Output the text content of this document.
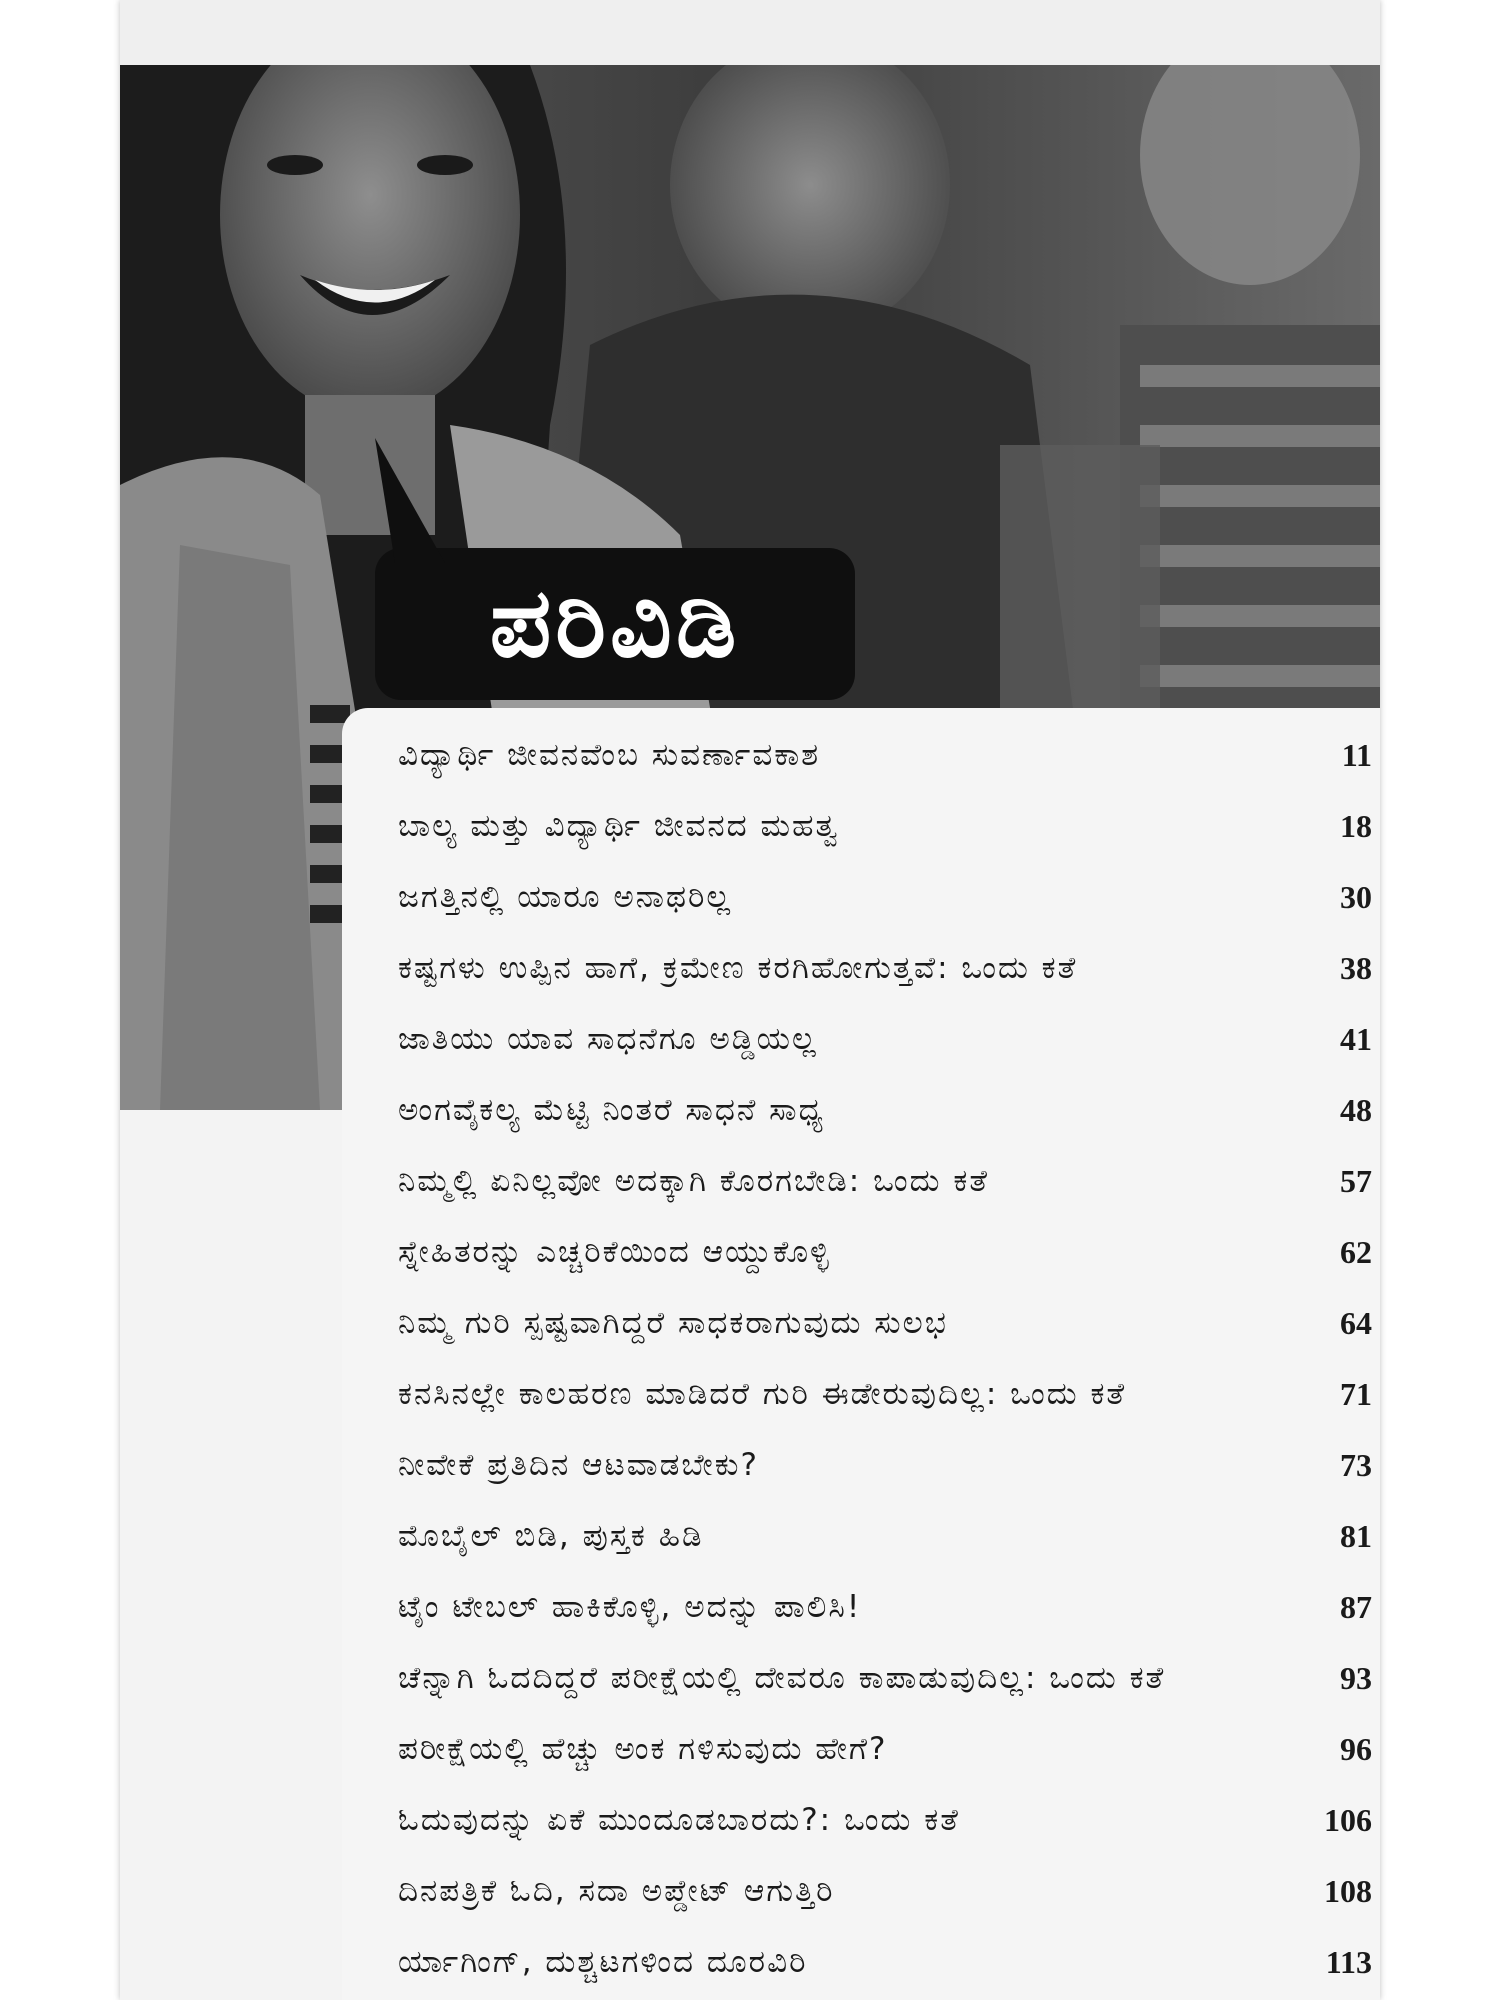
ಪರಿವಿಡಿ
ವಿದ್ಯಾರ್ಥಿ ಜೀವನವೆಂಬ ಸುವರ್ಣಾವಕಾಶ	11
ಬಾಲ್ಯ ಮತ್ತು ವಿದ್ಯಾರ್ಥಿ ಜೀವನದ ಮಹತ್ವ	18
ಜಗತ್ತಿನಲ್ಲಿ ಯಾರೂ ಅನಾಥರಿಲ್ಲ	30
ಕಷ್ಟಗಳು ಉಪ್ಪಿನ ಹಾಗೆ, ಕ್ರಮೇಣ ಕರಗಿಹೋಗುತ್ತವೆ: ಒಂದು ಕತೆ	38
ಜಾತಿಯು ಯಾವ ಸಾಧನೆಗೂ ಅಡ್ಡಿಯಲ್ಲ	41
ಅಂಗವೈಕಲ್ಯ ಮೆಟ್ಟಿ ನಿಂತರೆ ಸಾಧನೆ ಸಾಧ್ಯ	48
ನಿಮ್ಮಲ್ಲಿ ಏನಿಲ್ಲವೋ ಅದಕ್ಕಾಗಿ ಕೊರಗಬೇಡಿ: ಒಂದು ಕತೆ	57
ಸ್ನೇಹಿತರನ್ನು ಎಚ್ಚರಿಕೆಯಿಂದ ಆಯ್ದುಕೊಳ್ಳಿ	62
ನಿಮ್ಮ ಗುರಿ ಸ್ಪಷ್ಟವಾಗಿದ್ದರೆ ಸಾಧಕರಾಗುವುದು ಸುಲಭ	64
ಕನಸಿನಲ್ಲೇ ಕಾಲಹರಣ ಮಾಡಿದರೆ ಗುರಿ ಈಡೇರುವುದಿಲ್ಲ: ಒಂದು ಕತೆ	71
ನೀವೇಕೆ ಪ್ರತಿದಿನ ಆಟವಾಡಬೇಕು?	73
ಮೊಬೈಲ್ ಬಿಡಿ, ಪುಸ್ತಕ ಹಿಡಿ	81
ಟೈಂ ಟೇಬಲ್ ಹಾಕಿಕೊಳ್ಳಿ, ಅದನ್ನು ಪಾಲಿಸಿ!	87
ಚೆನ್ನಾಗಿ ಓದದಿದ್ದರೆ ಪರೀಕ್ಷೆಯಲ್ಲಿ ದೇವರೂ ಕಾಪಾಡುವುದಿಲ್ಲ: ಒಂದು ಕತೆ	93
ಪರೀಕ್ಷೆಯಲ್ಲಿ ಹೆಚ್ಚು ಅಂಕ ಗಳಿಸುವುದು ಹೇಗೆ?	96
ಓದುವುದನ್ನು ಏಕೆ ಮುಂದೂಡಬಾರದು?: ಒಂದು ಕತೆ	106
ದಿನಪತ್ರಿಕೆ ಓದಿ, ಸದಾ ಅಪ್ಡೇಟ್ ಆಗುತ್ತಿರಿ	108
ರ್ಯಾಗಿಂಗ್, ದುಶ್ಚಟಗಳಿಂದ ದೂರವಿರಿ	113
